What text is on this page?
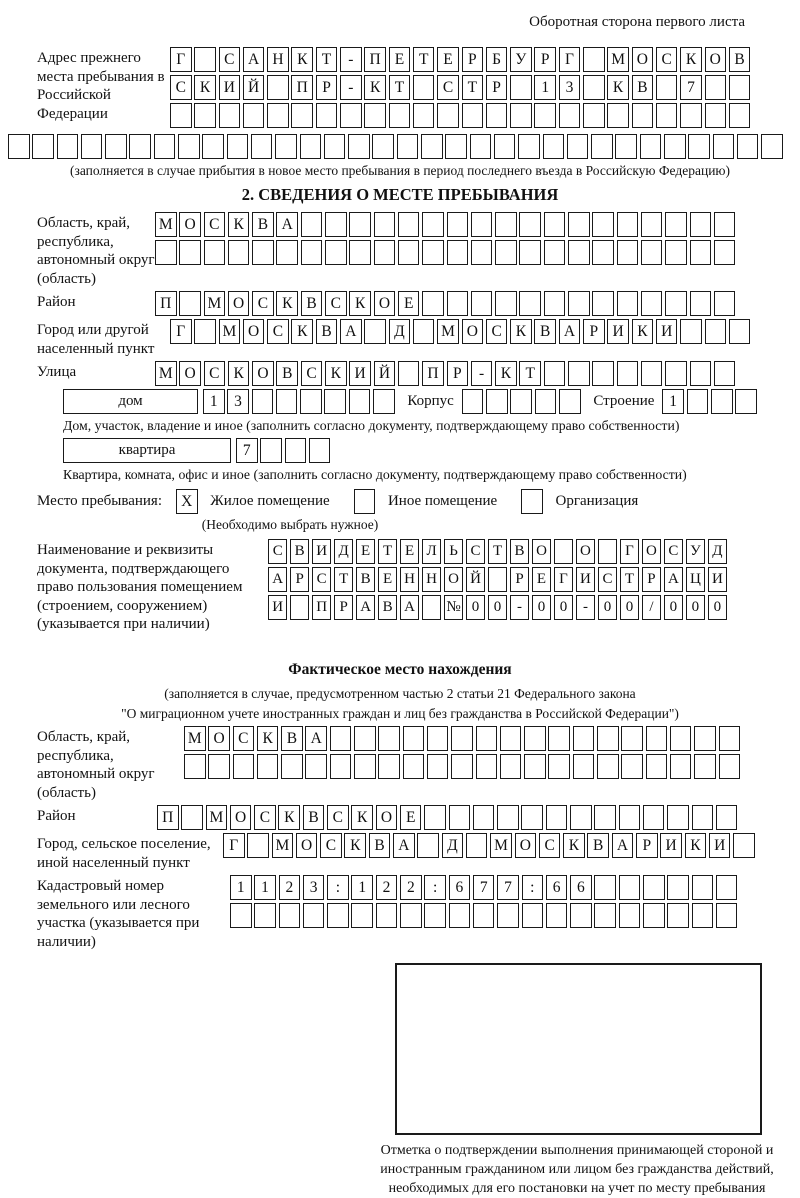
Оборотная сторона первого листа
Адрес прежнего места пребывания в Российской Федерации
Г	С А Н К Т	-	П Е Т Е Р	Б У Р	Г	М О С К О В
С К И Й	П Р	-	К Т	С Т Р	1	3	К В	7
(заполняется в случае прибытия в новое место пребывания в период последнего въезда в Российскую Федерацию)
2. СВЕДЕНИЯ О МЕСТЕ ПРЕБЫВАНИЯ
Область, край, республика, автономный округ (область)
М О С К В А
Район	П	М О С К В С К О Е
Город или другой населенный пункт
Г	М О С К В А	Д	М О С К В А Р И К И
Улица	М О С К О В С К И Й	П Р	-	К Т
дом	1	3	Корпус	Строение 1
Дом, участок, владение и иное (заполнить согласно документу, подтверждающему право собственности)
квартира	7
Квартира, комната, офис и иное (заполнить согласно документу, подтверждающему право собственности)
Место пребывания:	X	Жилое помещение	Иное помещение	Организация
(Необходимо выбрать нужное)
Наименование и реквизиты документа, подтверждающего право пользования помещением (строением, сооружением) (указывается при наличии)
С В И Д Е Т Е Л Ь С Т В О О	Г О С У Д
А Р С Т В Е Н Н О Й	Р Е Г И С Т Р А Ц И
И П Р А В А № 0 0	-	0 0	-	0 0	/	0 0 0
Фактическое место нахождения
(заполняется в случае, предусмотренном частью 2 статьи 21 Федерального закона
"О миграционном учете иностранных граждан и лиц без гражданства в Российской Федерации")
Область, край, республика, автономный округ (область)
М О С К В А
Район	П	М О С К В С К О Е
Город, сельское поселение, иной населенный пункт
Г	М О С К В А	Д	М О С К В А Р И К И
Кадастровый номер земельного или лесного участка (указывается при наличии)
1	1	2	3	:	1	2	2	:	6	7	7	:	6	6
Отметка о подтверждении выполнения принимающей стороной и иностранным гражданином или лицом без гражданства действий, необходимых для его постановки на учет по месту пребывания
